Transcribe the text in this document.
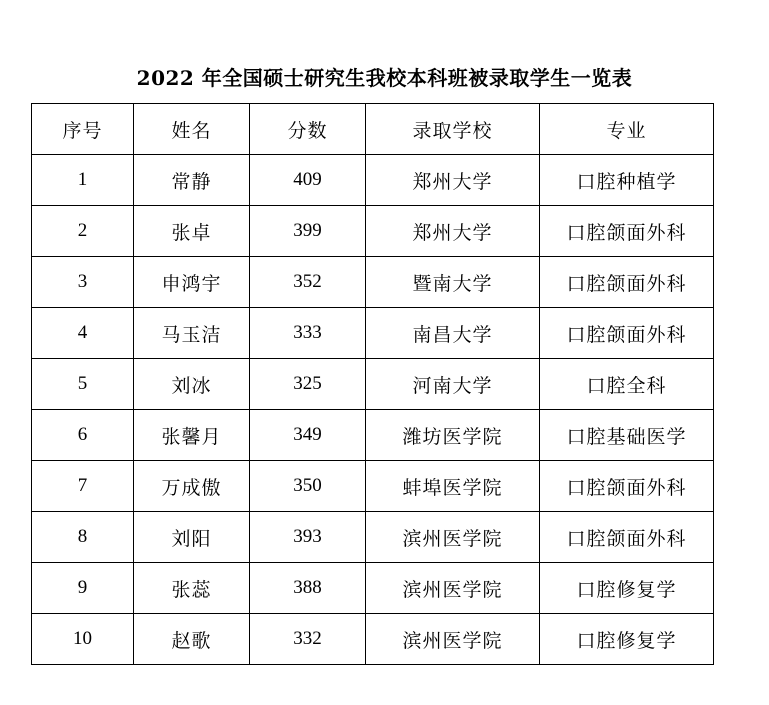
2022 年全国硕士研究生我校本科班被录取学生一览表
序号	姓名	分数	录取学校	专业
1	常静	409	郑州大学	口腔种植学
2	张卓	399	郑州大学	口腔颌面外科
3	申鸿宇	352	暨南大学	口腔颌面外科
4	马玉洁	333	南昌大学	口腔颌面外科
5	刘冰	325	河南大学	口腔全科
6	张馨月	349	潍坊医学院	口腔基础医学
7	万成傲	350	蚌埠医学院	口腔颌面外科
8	刘阳	393	滨州医学院	口腔颌面外科
9	张蕊	388	滨州医学院	口腔修复学
10	赵歌	332	滨州医学院	口腔修复学
